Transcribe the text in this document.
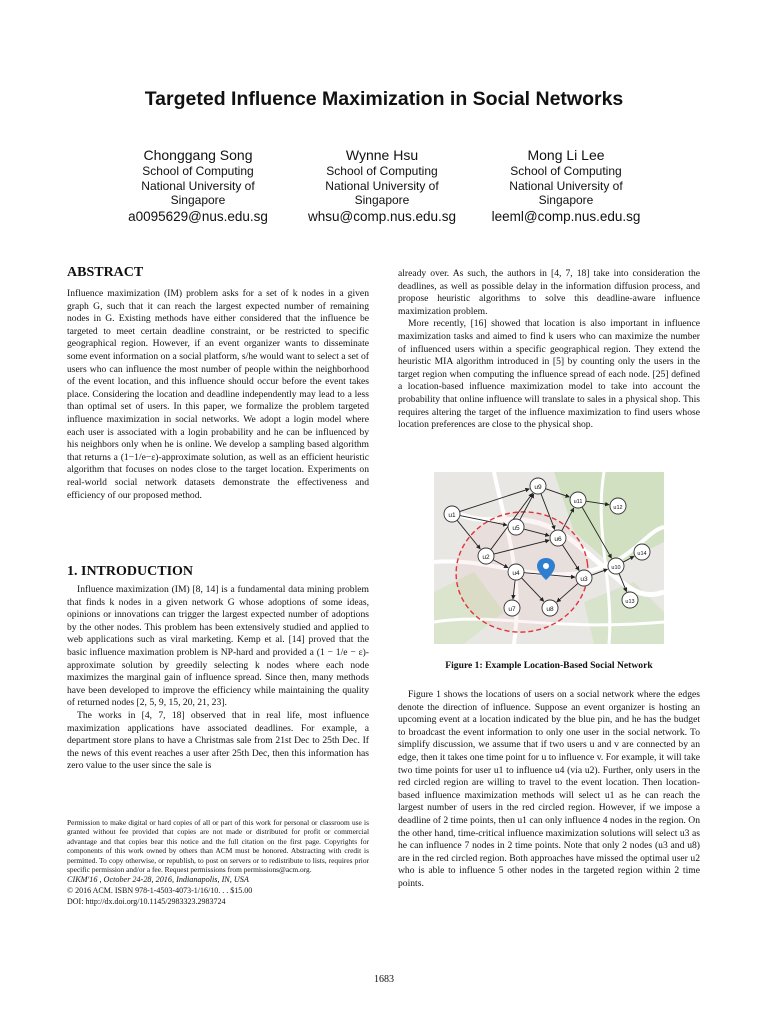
Targeted Influence Maximization in Social Networks
Chonggang Song
School of Computing
National University of
Singapore
a0095629@nus.edu.sg
Wynne Hsu
School of Computing
National University of
Singapore
whsu@comp.nus.edu.sg
Mong Li Lee
School of Computing
National University of
Singapore
leeml@comp.nus.edu.sg
ABSTRACT

Influence maximization (IM) problem asks for a set of k nodes in a given graph G, such that it can reach the largest expected number of remaining nodes in G. Existing methods have either considered that the influence be targeted to meet certain deadline constraint, or be restricted to specific geographical region. However, if an event organizer wants to disseminate some event information on a social platform, s/he would want to select a set of users who can influence the most number of people within the neighborhood of the event location, and this influence should occur before the event takes place. Considering the location and deadline independently may lead to a less than optimal set of users. In this paper, we formalize the problem targeted influence maximization in social networks. We adopt a login model where each user is associated with a login probability and he can be influenced by his neighbors only when he is online. We develop a sampling based algorithm that returns a (1−1/e−ε)-approximate solution, as well as an efficient heuristic algorithm that focuses on nodes close to the target location. Experiments on real-world social network datasets demonstrate the effectiveness and efficiency of our proposed method.

1. INTRODUCTION

Influence maximization (IM) [8, 14] is a fundamental data mining problem that finds k nodes in a given network G whose adoptions of some ideas, opinions or innovations can trigger the largest expected number of adoptions by the other nodes. This problem has been extensively studied and applied to web applications such as viral marketing. Kemp et al. [14] proved that the basic influence maximation problem is NP-hard and provided a (1 − 1/e − ε)-approximate solution by greedily selecting k nodes where each node maximizes the marginal gain of influence spread. Since then, many methods have been developed to improve the efficiency while maintaining the quality of returned nodes [2, 5, 9, 15, 20, 21, 23].

The works in [4, 7, 18] observed that in real life, most influence maximization applications have associated deadlines. For example, a department store plans to have a Christmas sale from 21st Dec to 25th Dec. If the news of this event reaches a user after 25th Dec, then this information has zero value to the user since the sale is

Permission to make digital or hard copies of all or part of this work for personal or classroom use is granted without fee provided that copies are not made or distributed for profit or commercial advantage and that copies bear this notice and the full citation on the first page. Copyrights for components of this work owned by others than ACM must be honored. Abstracting with credit is permitted. To copy otherwise, or republish, to post on servers or to redistribute to lists, requires prior specific permission and/or a fee. Request permissions from permissions@acm.org.

CIKM'16 , October 24-28, 2016, Indianapolis, IN, USA

© 2016 ACM. ISBN 978-1-4503-4073-1/16/10. . . $15.00

DOI: http://dx.doi.org/10.1145/2983323.2983724

already over. As such, the authors in [4, 7, 18] take into consideration the deadlines, as well as possible delay in the information diffusion process, and propose heuristic algorithms to solve this deadline-aware influence maximization problem.

More recently, [16] showed that location is also important in influence maximization tasks and aimed to find k users who can maximize the number of influenced users within a specific geographical region. They extend the heuristic MIA algorithm introduced in [5] by counting only the users in the target region when computing the influence spread of each node. [25] defined a location-based influence maximization model to take into account the probability that online influence will translate to sales in a physical shop. This requires altering the target of the influence maximization to find users whose location preferences are close to the physical shop.

u1
u2
u3
u4
u5
u6
u7	u8
u9
u10
u11
u12
u13
u14
Figure 1: Example Location-Based Social Network

Figure 1 shows the locations of users on a social network where the edges denote the direction of influence. Suppose an event organizer is hosting an upcoming event at a location indicated by the blue pin, and he has the budget to broadcast the event information to only one user in the social network. To simplify discussion, we assume that if two users u and v are connected by an edge, then it takes one time point for u to influence v. For example, it will take two time points for user u1 to influence u4 (via u2). Further, only users in the red circled region are willing to travel to the event location. Then location-based influence maximization methods will select u1 as he can reach the largest number of users in the red circled region. However, if we impose a deadline of 2 time points, then u1 can only influence 4 nodes in the region. On the other hand, time-critical influence maximization solutions will select u3 as he can influence 7 nodes in 2 time points. Note that only 2 nodes (u3 and u8) are in the red circled region. Both approaches have missed the optimal user u2 who is able to influence 5 other nodes in the targeted region within 2 time points.

1683
